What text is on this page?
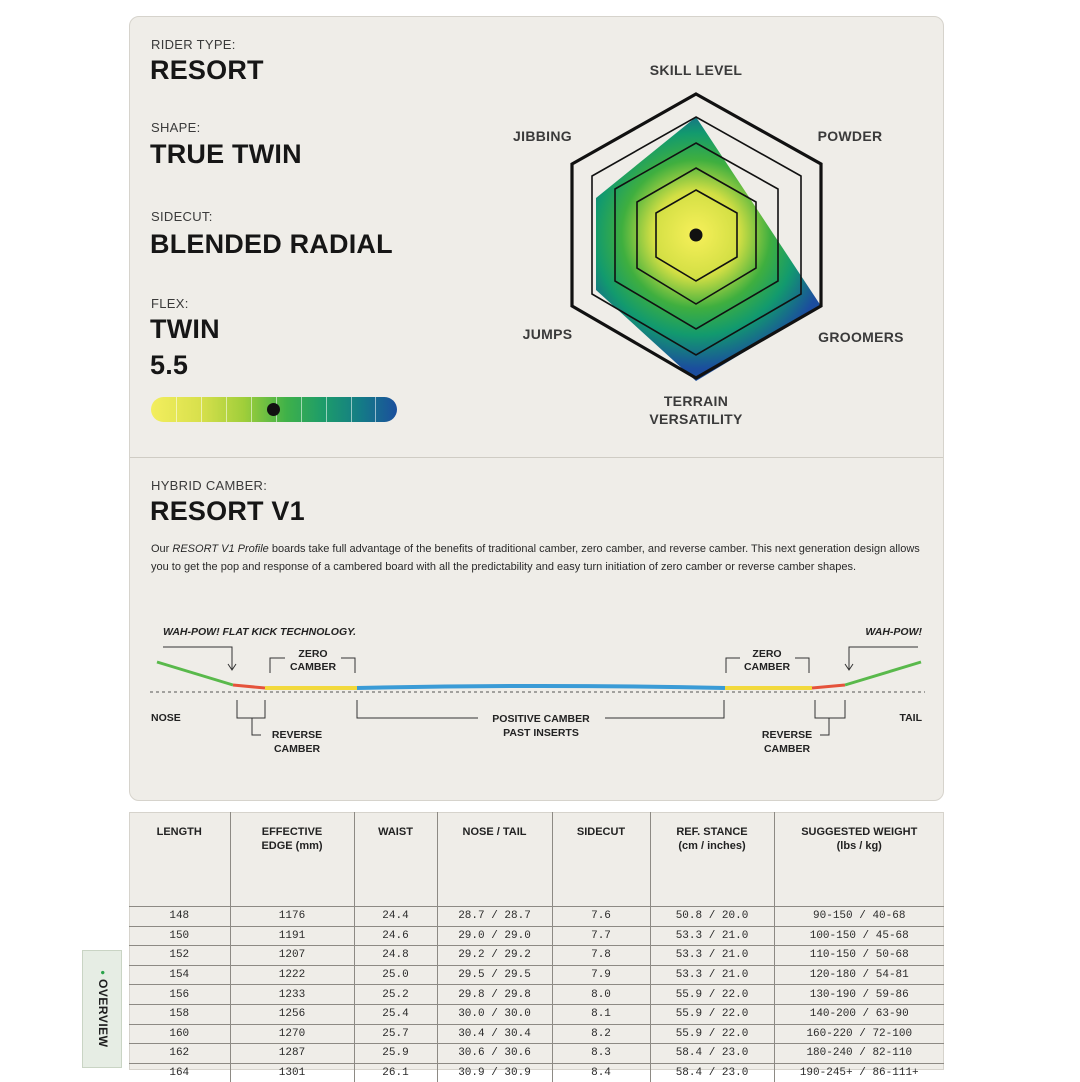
RIDER TYPE:
RESORT
SHAPE:
TRUE TWIN
SIDECUT:
BLENDED RADIAL
FLEX:
TWIN
5.5
SKILL LEVEL
POWDER
GROOMERS
TERRAIN
VERSATILITY
JUMPS
JIBBING
HYBRID CAMBER:
RESORT V1
Our RESORT V1 Profile boards take full advantage of the benefits of traditional camber, zero camber, and reverse camber. This next generation design allows you to get the pop and response of a cambered board with all the predictability and easy turn initiation of zero camber or reverse camber shapes.
WAH-POW! FLAT KICK TECHNOLOGY.	WAH-POW!
ZERO
CAMBER
ZERO
CAMBER
NOSE	TAIL
REVERSE
CAMBER
REVERSE
CAMBER
POSITIVE CAMBER
PAST INSERTS
LENGTH	EFFECTIVE EDGE (mm)	WAIST	NOSE / TAIL	SIDECUT	REF. STANCE (cm / inches)	SUGGESTED WEIGHT (lbs / kg)
148	1176	24.4	28.7 / 28.7	7.6	50.8 / 20.0	90-150 / 40-68
150	1191	24.6	29.0 / 29.0	7.7	53.3 / 21.0	100-150 / 45-68
152	1207	24.8	29.2 / 29.2	7.8	53.3 / 21.0	110-150 / 50-68
154	1222	25.0	29.5 / 29.5	7.9	53.3 / 21.0	120-180 / 54-81
156	1233	25.2	29.8 / 29.8	8.0	55.9 / 22.0	130-190 / 59-86
158	1256	25.4	30.0 / 30.0	8.1	55.9 / 22.0	140-200 / 63-90
160	1270	25.7	30.4 / 30.4	8.2	55.9 / 22.0	160-220 / 72-100
162	1287	25.9	30.6 / 30.6	8.3	58.4 / 23.0	180-240 / 82-110
164	1301	26.1	30.9 / 30.9	8.4	58.4 / 23.0	190-245+ / 86-111+
• OVERVIEW
